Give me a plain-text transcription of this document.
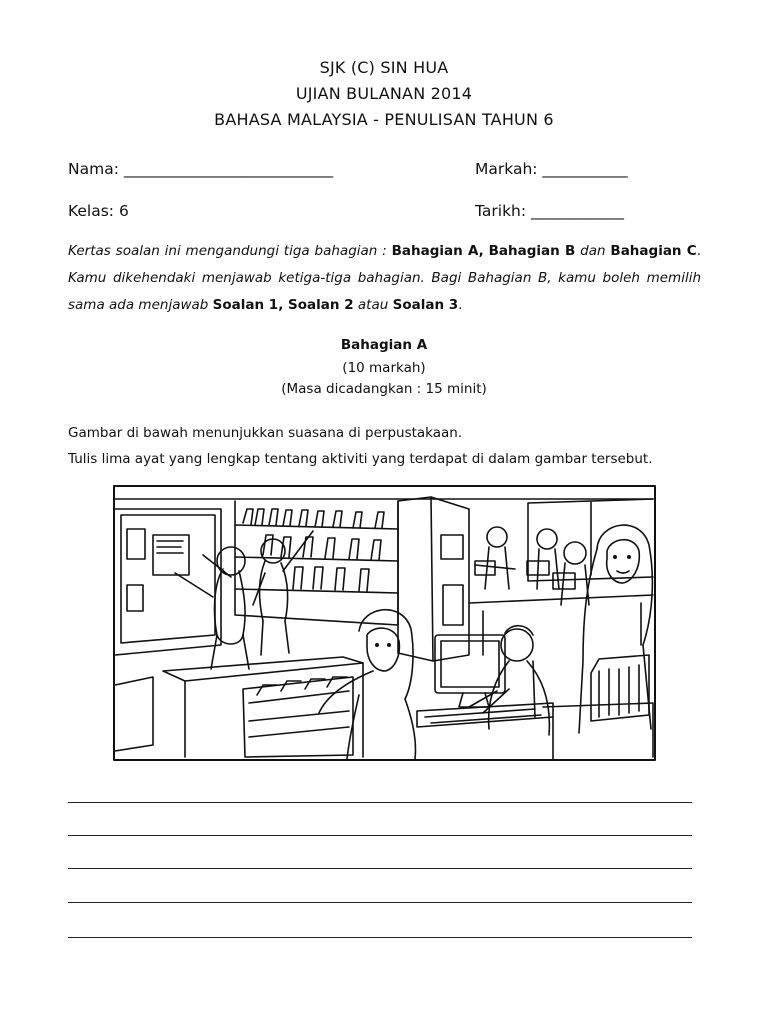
SJK (C) SIN HUA
UJIAN BULANAN 2014
BAHASA MALAYSIA - PENULISAN TAHUN 6
Nama: ___________________________	Markah: ___________
Kelas: 6	Tarikh: ____________
Kertas soalan ini mengandungi tiga bahagian : Bahagian A, Bahagian B dan Bahagian C. Kamu dikehendaki menjawab ketiga-tiga bahagian. Bagi Bahagian B, kamu boleh memilih sama ada menjawab Soalan 1, Soalan 2 atau Soalan 3.
Bahagian A
(10 markah)
(Masa dicadangkan : 15 minit)
Gambar di bawah menunjukkan suasana di perpustakaan.
Tulis lima ayat yang lengkap tentang aktiviti yang terdapat di dalam gambar tersebut.
